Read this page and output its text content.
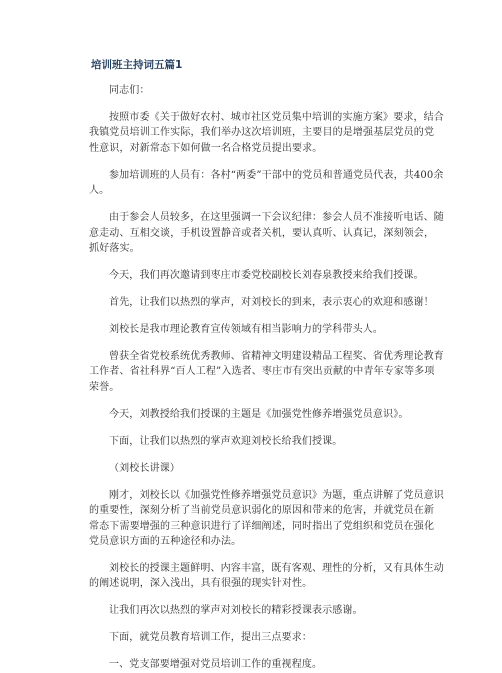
培训班主持词五篇1

同志们：

按照市委《关于做好农村、城市社区党员集中培训的实施方案》要求，结合我镇党员培训工作实际，我们举办这次培训班，主要目的是增强基层党员的党性意识，对新常态下如何做一名合格党员提出要求。

参加培训班的人员有：各村“两委”干部中的党员和普通党员代表，共400余人。

由于参会人员较多，在这里强调一下会议纪律：参会人员不准接听电话、随意走动、互相交谈，手机设置静音或者关机，要认真听、认真记，深刻领会，抓好落实。

今天，我们再次邀请到枣庄市委党校副校长刘春泉教授来给我们授课。

首先，让我们以热烈的掌声，对刘校长的到来，表示衷心的欢迎和感谢！

刘校长是我市理论教育宣传领域有相当影响力的学科带头人。

曾获全省党校系统优秀教师、省精神文明建设精品工程奖、省优秀理论教育工作者、省社科界“百人工程”入选者、枣庄市有突出贡献的中青年专家等多项荣誉。

今天，刘教授给我们授课的主题是《加强党性修养增强党员意识》。

下面，让我们以热烈的掌声欢迎刘校长给我们授课。

（刘校长讲课）

刚才，刘校长以《加强党性修养增强党员意识》为题，重点讲解了党员意识的重要性，深刻分析了当前党员意识弱化的原因和带来的危害，并就党员在新常态下需要增强的三种意识进行了详细阐述，同时指出了党组织和党员在强化党员意识方面的五种途径和办法。

刘校长的授课主题鲜明、内容丰富，既有客观、理性的分析，又有具体生动的阐述说明，深入浅出，具有很强的现实针对性。

让我们再次以热烈的掌声对刘校长的精彩授课表示感谢。

下面，就党员教育培训工作，提出三点要求：

一、党支部要增强对党员培训工作的重视程度。
